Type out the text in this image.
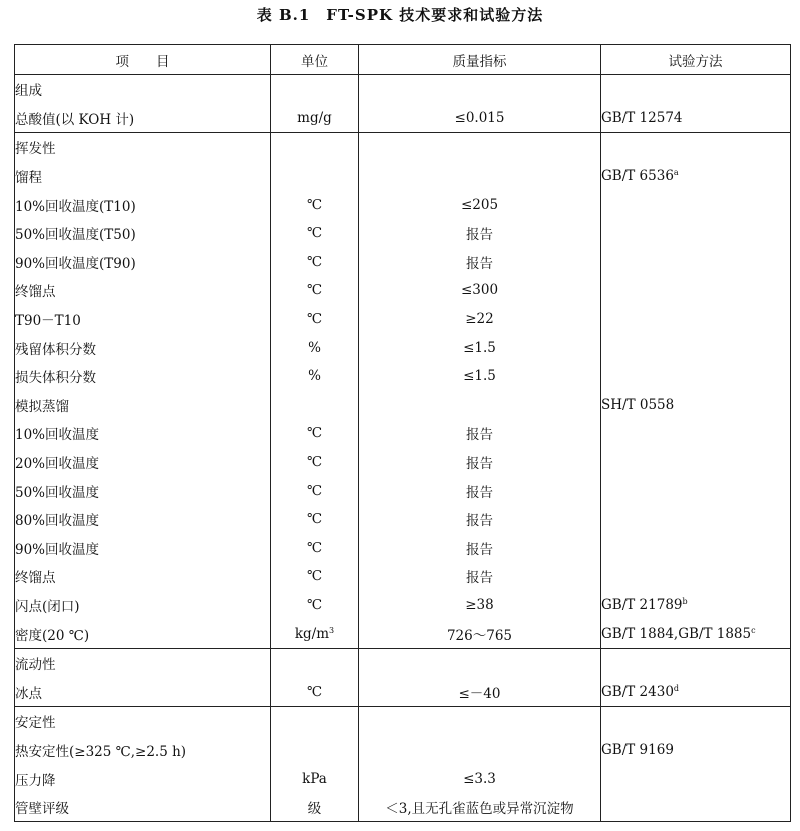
表 B.1　FT-SPK 技术要求和试验方法
项　　目	单位	质量指标	试验方法
组成			
总酸值(以 KOH 计)	mg/g	≤0.015	GB/T 12574
挥发性			
馏程			GB/T 6536$^a$
10%回收温度(T10)	℃	≤205	
50%回收温度(T50)	℃	报告	
90%回收温度(T90)	℃	报告	
终馏点	℃	≤300	
T90－T10	℃	≥22	
残留体积分数	%	≤1.5	
损失体积分数	%	≤1.5	
模拟蒸馏			SH/T 0558
10%回收温度	℃	报告	
20%回收温度	℃	报告	
50%回收温度	℃	报告	
80%回收温度	℃	报告	
90%回收温度	℃	报告	
终馏点	℃	报告	
闪点(闭口)	℃	≥38	GB/T 21789$^b$
密度(20 ℃)	$kg/m^3$	726～765	GB/T 1884,GB/T 1885$^c$
流动性			
冰点	℃	≤－40	GB/T 2430$^d$
安定性			
热安定性(≥325 ℃,≥2.5 h)			GB/T 9169
压力降	kPa	≤3.3	
管壁评级	级	＜3,且无孔雀蓝色或异常沉淀物	
